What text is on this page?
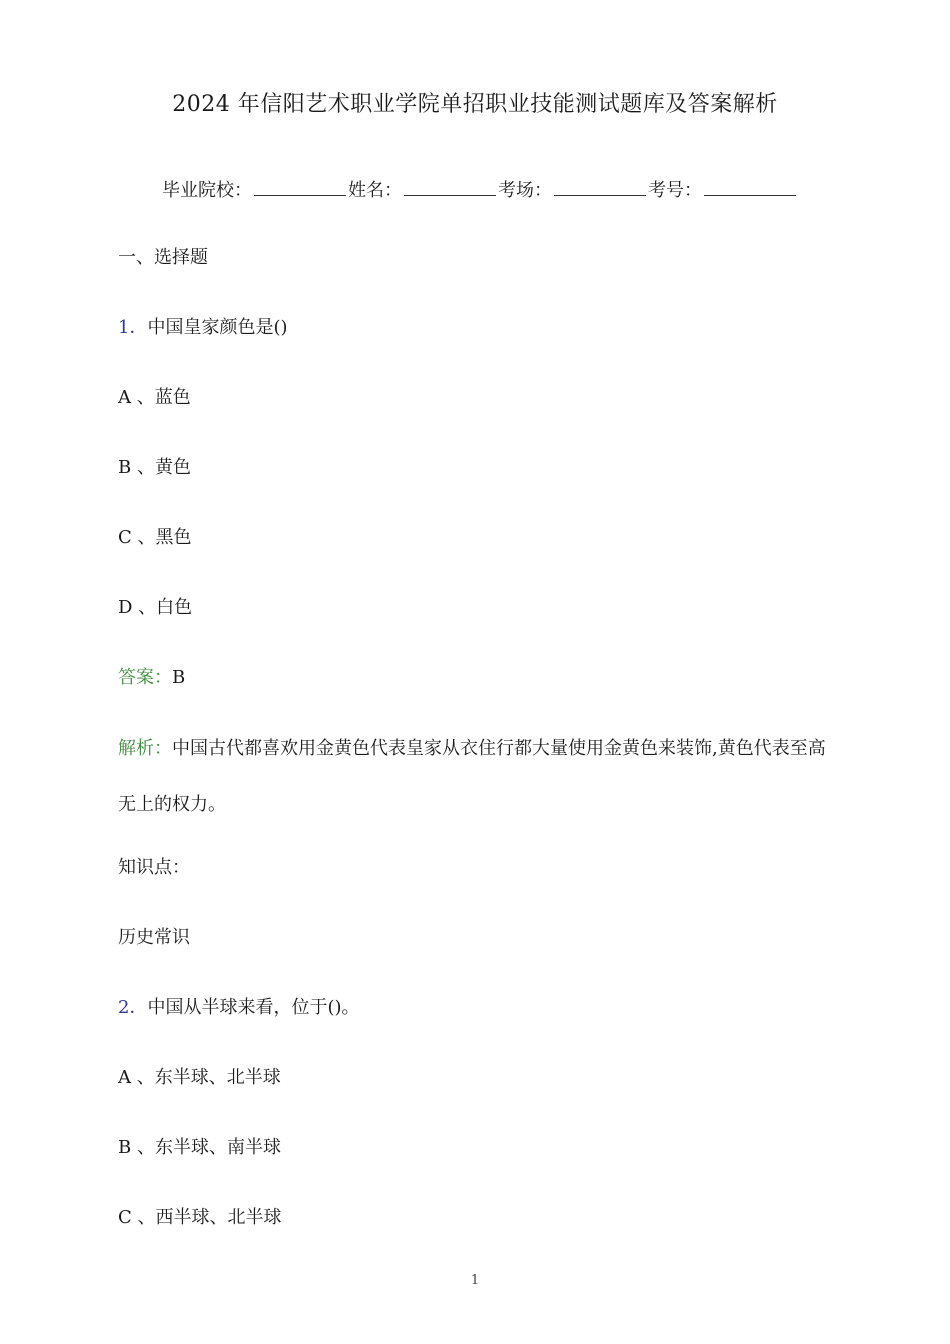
2024 年信阳艺术职业学院单招职业技能测试题库及答案解析
毕业院校：	姓名：	考场：	考号：
一、选择题
1．中国皇家颜色是()
A 、蓝色
B 、黄色
C 、黑色
D 、白色
答案：B
解析：中国古代都喜欢用金黄色代表皇家从衣住行都大量使用金黄色来装饰,黄色代表至高无上的权力。
知识点：
历史常识
2．中国从半球来看，位于()。
A 、东半球、北半球
B 、东半球、南半球
C 、西半球、北半球
1
